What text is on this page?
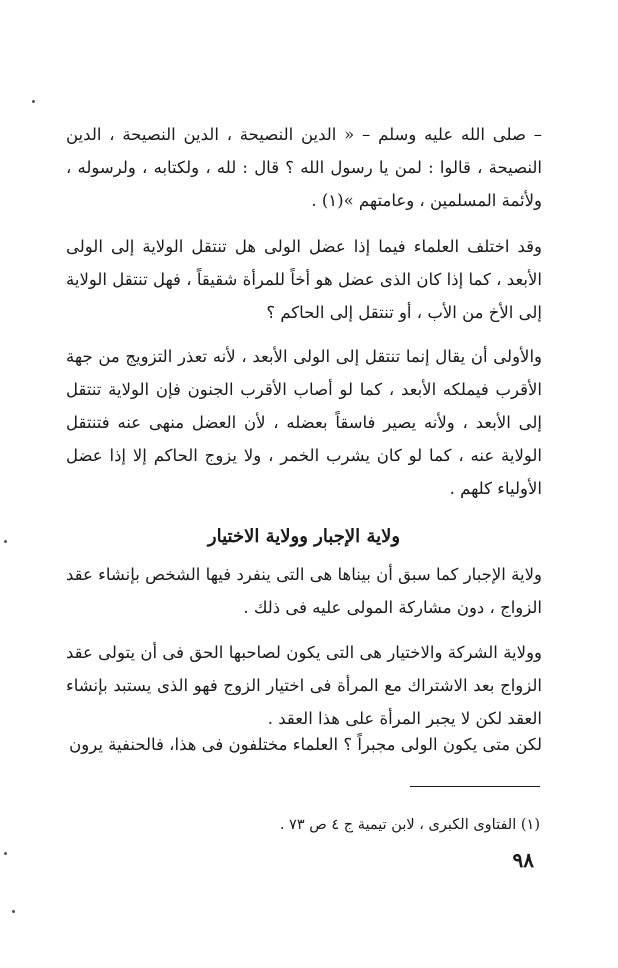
– صلى الله عليه وسلم – « الدين النصيحة ، الدين النصيحة ، الدين النصيحة ، قالوا : لمن يا رسول الله ؟ قال : لله ، ولكتابه ، ولرسوله ، ولأئمة المسلمين ، وعامتهم »(١) .

وقد اختلف العلماء فيما إذا عضل الولى هل تنتقل الولاية إلى الولى الأبعد ، كما إذا كان الذى عضل هو أخاً للمرأة شقيقاً ، فهل تنتقل الولاية إلى الأخ من الأب ، أو تنتقل إلى الحاكم ؟

والأولى أن يقال إنما تنتقل إلى الولى الأبعد ، لأنه تعذر التزويج من جهة الأقرب فيملكه الأبعد ، كما لو أصاب الأقرب الجنون فإن الولاية تنتقل إلى الأبعد ، ولأنه يصير فاسقاً بعضله ، لأن العضل منهى عنه فتنتقل الولاية عنه ، كما لو كان يشرب الخمر ، ولا يزوج الحاكم إلا إذا عضل الأولياء كلهم .

ولاية الإجبار وولاية الاختيار

ولاية الإجبار كما سبق أن بيناها هى التى ينفرد فيها الشخص بإنشاء عقد الزواج ، دون مشاركة المولى عليه فى ذلك .

وولاية الشركة والاختيار هى التى يكون لصاحبها الحق فى أن يتولى عقد الزواج بعد الاشتراك مع المرأة فى اختيار الزوج فهو الذى يستبد بإنشاء العقد لكن لا يجبر المرأة على هذا العقد .

لكن متى يكون الولى مجبراً ؟ العلماء مختلفون فى هذا، فالحنفية يرون

(١) الفتاوى الكبرى ، لابن تيمية ج ٤ ص ٧٣ .
٩٨
